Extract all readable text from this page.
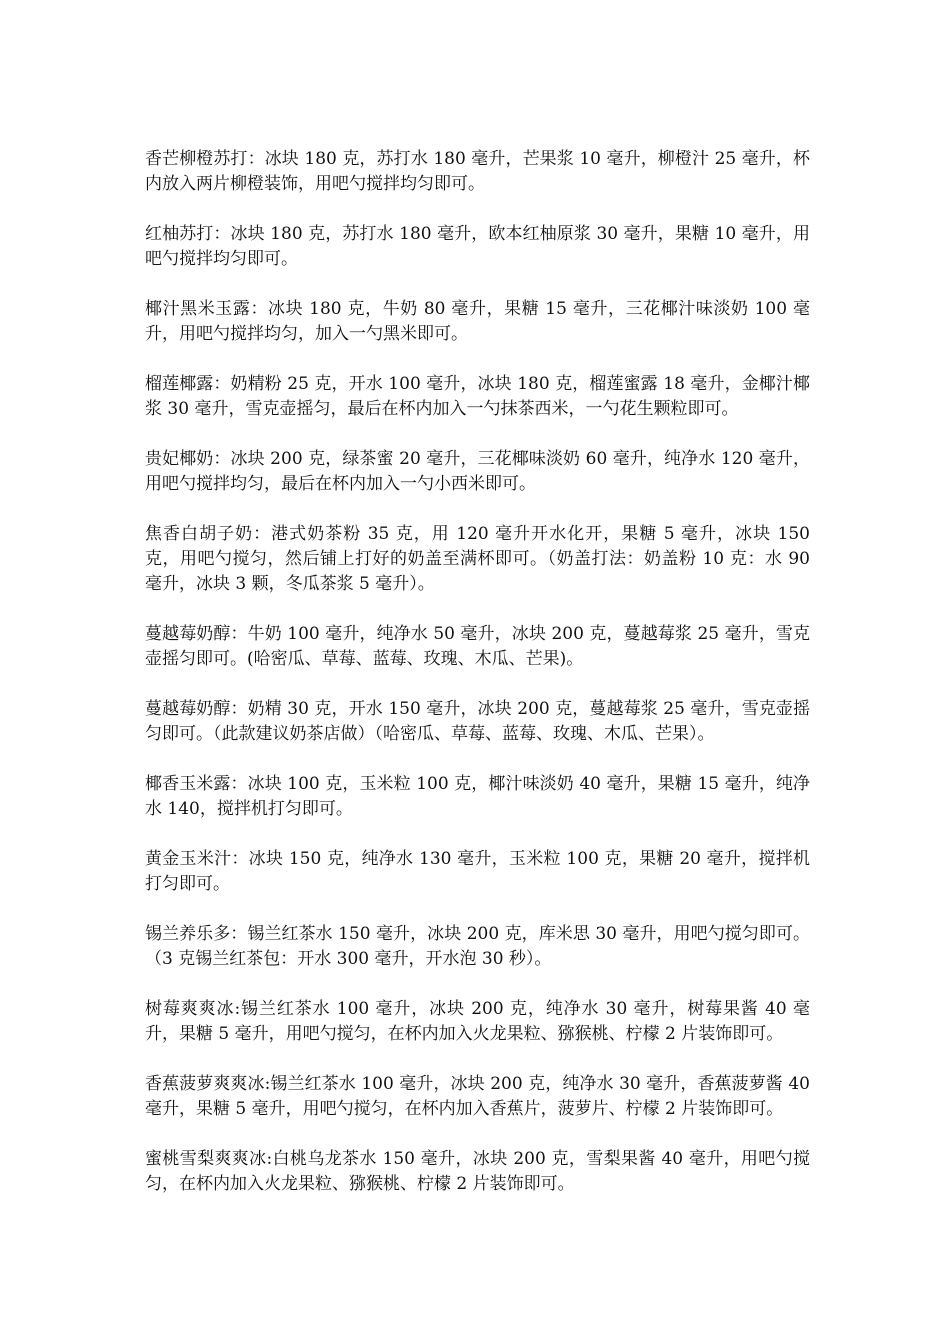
香芒柳橙苏打：冰块 180 克，苏打水 180 毫升，芒果浆 10 毫升，柳橙汁 25 毫升，杯内放入两片柳橙装饰，用吧勺搅拌均匀即可。

红柚苏打：冰块 180 克，苏打水 180 毫升，欧本红柚原浆 30 毫升，果糖 10 毫升，用吧勺搅拌均匀即可。

椰汁黑米玉露：冰块 180 克，牛奶 80 毫升，果糖 15 毫升，三花椰汁味淡奶 100 毫升，用吧勺搅拌均匀，加入一勺黑米即可。

榴莲椰露：奶精粉 25 克，开水 100 毫升，冰块 180 克，榴莲蜜露 18 毫升，金椰汁椰浆 30 毫升，雪克壶摇匀，最后在杯内加入一勺抹茶西米，一勺花生颗粒即可。

贵妃椰奶：冰块 200 克，绿茶蜜 20 毫升，三花椰味淡奶 60 毫升，纯净水 120 毫升，用吧勺搅拌均匀，最后在杯内加入一勺小西米即可。

焦香白胡子奶：港式奶茶粉 35 克，用 120 毫升开水化开，果糖 5 毫升，冰块 150 克，用吧勺搅匀，然后铺上打好的奶盖至满杯即可。（奶盖打法：奶盖粉 10 克：水 90 毫升，冰块 3 颗，冬瓜茶浆 5 毫升）。

蔓越莓奶醇：牛奶 100 毫升，纯净水 50 毫升，冰块 200 克，蔓越莓浆 25 毫升，雪克壶摇匀即可。(哈密瓜、草莓、蓝莓、玫瑰、木瓜、芒果)。

蔓越莓奶醇：奶精 30 克，开水 150 毫升，冰块 200 克，蔓越莓浆 25 毫升，雪克壶摇匀即可。（此款建议奶茶店做）（哈密瓜、草莓、蓝莓、玫瑰、木瓜、芒果）。

椰香玉米露：冰块 100 克，玉米粒 100 克，椰汁味淡奶 40 毫升，果糖 15 毫升，纯净水 140，搅拌机打匀即可。

黄金玉米汁：冰块 150 克，纯净水 130 毫升，玉米粒 100 克，果糖 20 毫升，搅拌机打匀即可。

锡兰养乐多：锡兰红茶水 150 毫升，冰块 200 克，库米思 30 毫升，用吧勺搅匀即可。（3 克锡兰红茶包：开水 300 毫升，开水泡 30 秒）。

树莓爽爽冰:锡兰红茶水 100 毫升，冰块 200 克，纯净水 30 毫升，树莓果酱 40 毫升，果糖 5 毫升，用吧勺搅匀，在杯内加入火龙果粒、猕猴桃、柠檬 2 片装饰即可。

香蕉菠萝爽爽冰:锡兰红茶水 100 毫升，冰块 200 克，纯净水 30 毫升，香蕉菠萝酱 40 毫升，果糖 5 毫升，用吧勺搅匀，在杯内加入香蕉片，菠萝片、柠檬 2 片装饰即可。

蜜桃雪梨爽爽冰:白桃乌龙茶水 150 毫升，冰块 200 克，雪梨果酱 40 毫升，用吧勺搅匀，在杯内加入火龙果粒、猕猴桃、柠檬 2 片装饰即可。
